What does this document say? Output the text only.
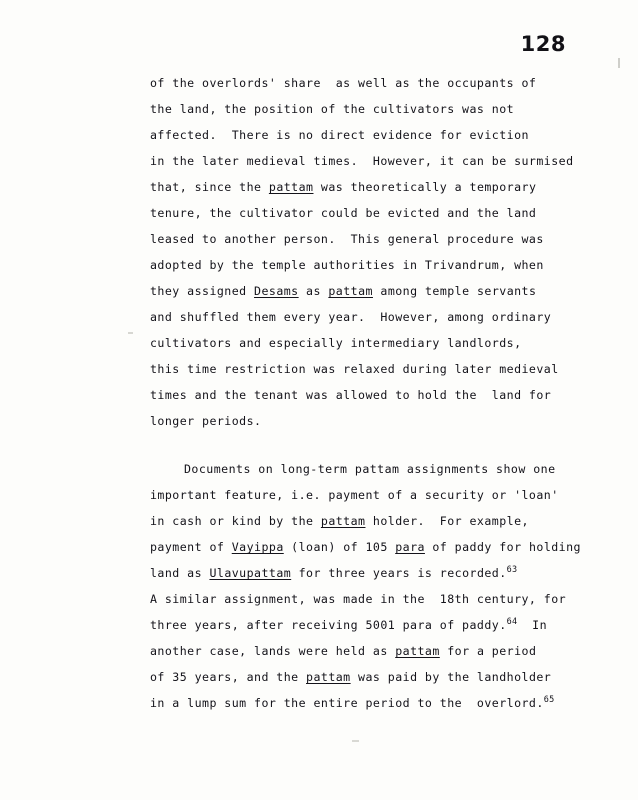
128
of the overlords' share  as well as the occupants of
the land, the position of the cultivators was not
affected.  There is no direct evidence for eviction
in the later medieval times.  However, it can be surmised
that, since the pattam was theoretically a temporary
tenure, the cultivator could be evicted and the land
leased to another person.  This general procedure was
adopted by the temple authorities in Trivandrum, when
they assigned Desams as pattam among temple servants
and shuffled them every year.  However, among ordinary
cultivators and especially intermediary landlords,
this time restriction was relaxed during later medieval
times and the tenant was allowed to hold the  land for
longer periods.
Documents on long-term pattam assignments show one
important feature, i.e. payment of a security or 'loan'
in cash or kind by the pattam holder.  For example,
payment of Vayippa (loan) of 105 para of paddy for holding
land as Ulavupattam for three years is recorded.$^{63}$
A similar assignment, was made in the  18th century, for
three years, after receiving 5001 para of paddy.$^{64}$  In
another case, lands were held as pattam for a period
of 35 years, and the pattam was paid by the landholder
in a lump sum for the entire period to the  overlord.$^{65}$
